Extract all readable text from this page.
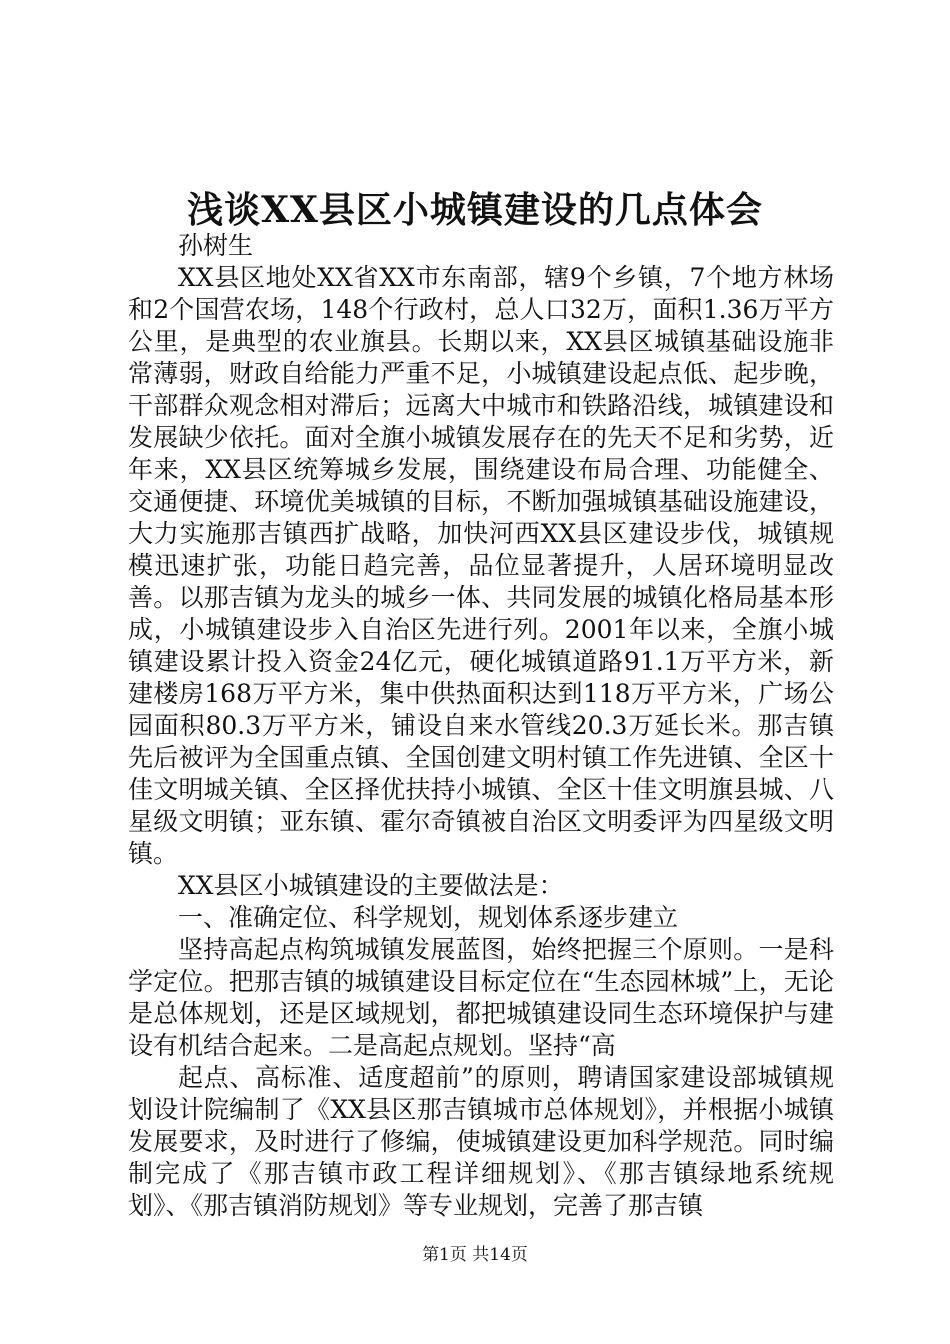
浅谈XX县区小城镇建设的几点体会

孙树生

XX县区地处XX省XX市东南部，辖9个乡镇，7个地方林场和2个国营农场，148个行政村，总人口32万，面积1.36万平方公里，是典型的农业旗县。长期以来，XX县区城镇基础设施非常薄弱，财政自给能力严重不足，小城镇建设起点低、起步晚，干部群众观念相对滞后；远离大中城市和铁路沿线，城镇建设和发展缺少依托。面对全旗小城镇发展存在的先天不足和劣势，近年来，XX县区统筹城乡发展，围绕建设布局合理、功能健全、交通便捷、环境优美城镇的目标，不断加强城镇基础设施建设，大力实施那吉镇西扩战略，加快河西XX县区建设步伐，城镇规模迅速扩张，功能日趋完善，品位显著提升，人居环境明显改善。以那吉镇为龙头的城乡一体、共同发展的城镇化格局基本形成，小城镇建设步入自治区先进行列。2001年以来，全旗小城镇建设累计投入资金24亿元，硬化城镇道路91.1万平方米，新建楼房168万平方米，集中供热面积达到118万平方米，广场公园面积80.3万平方米，铺设自来水管线20.3万延长米。那吉镇先后被评为全国重点镇、全国创建文明村镇工作先进镇、全区十佳文明城关镇、全区择优扶持小城镇、全区十佳文明旗县城、八星级文明镇；亚东镇、霍尔奇镇被自治区文明委评为四星级文明镇。

XX县区小城镇建设的主要做法是：

一、准确定位、科学规划，规划体系逐步建立

坚持高起点构筑城镇发展蓝图，始终把握三个原则。一是科学定位。把那吉镇的城镇建设目标定位在“生态园林城”上，无论是总体规划，还是区域规划，都把城镇建设同生态环境保护与建设有机结合起来。二是高起点规划。坚持“高

起点、高标准、适度超前”的原则，聘请国家建设部城镇规划设计院编制了《XX县区那吉镇城市总体规划》，并根据小城镇发展要求，及时进行了修编，使城镇建设更加科学规范。同时编制完成了《那吉镇市政工程详细规划》、《那吉镇绿地系统规划》、《那吉镇消防规划》等专业规划，完善了那吉镇

第1页 共14页
